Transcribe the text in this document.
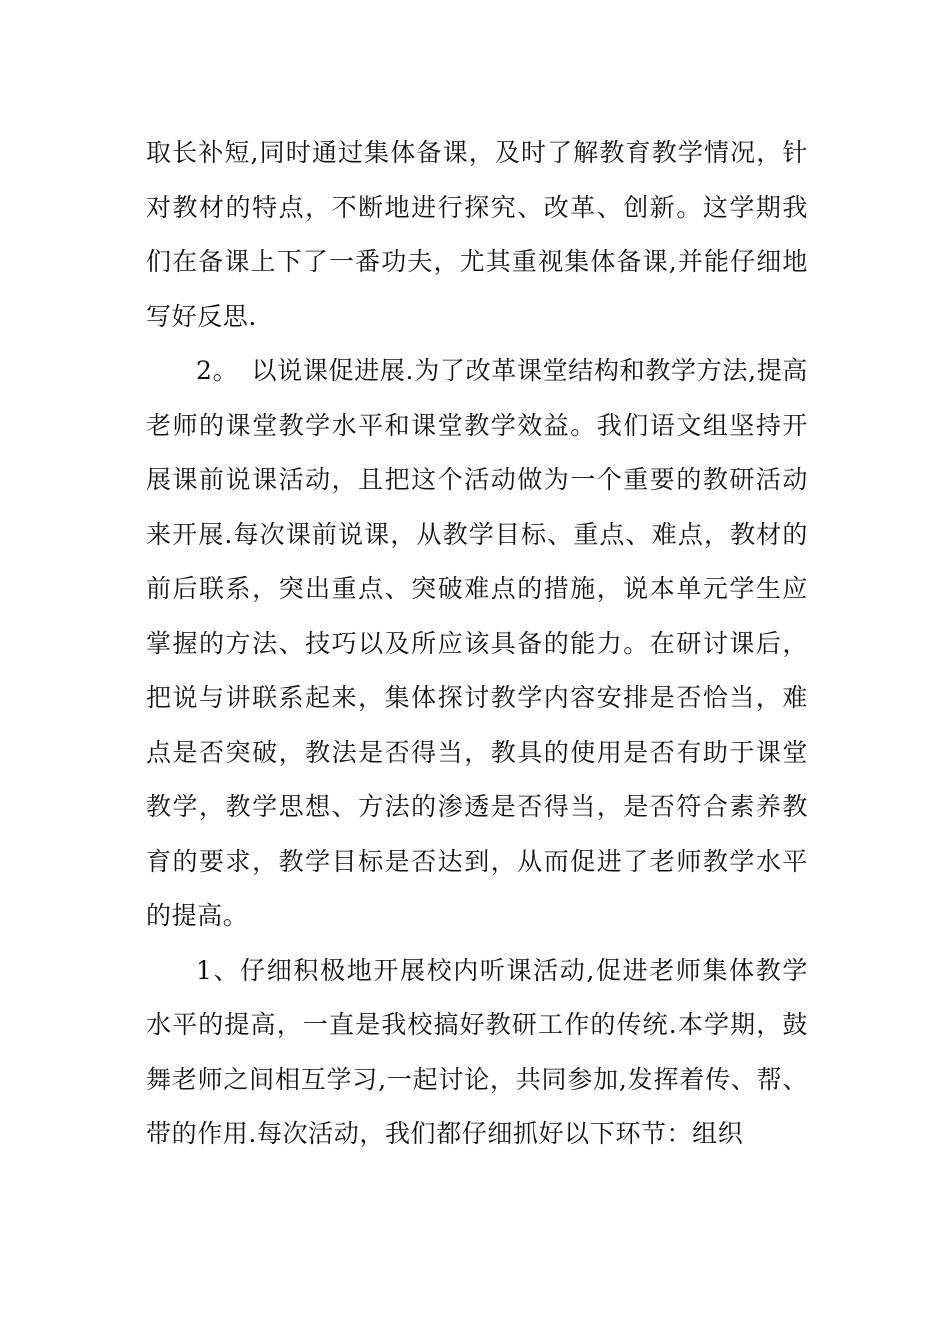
取长补短,同时通过集体备课，及时了解教育教学情况，针对教材的特点，不断地进行探究、改革、创新。这学期我们在备课上下了一番功夫，尤其重视集体备课,并能仔细地写好反思.

2。　以说课促进展.为了改革课堂结构和教学方法,提高老师的课堂教学水平和课堂教学效益。我们语文组坚持开展课前说课活动，且把这个活动做为一个重要的教研活动来开展.每次课前说课，从教学目标、重点、难点，教材的前后联系，突出重点、突破难点的措施，说本单元学生应掌握的方法、技巧以及所应该具备的能力。在研讨课后，把说与讲联系起来，集体探讨教学内容安排是否恰当，难点是否突破，教法是否得当，教具的使用是否有助于课堂教学，教学思想、方法的渗透是否得当，是否符合素养教育的要求，教学目标是否达到，从而促进了老师教学水平的提高。

1、仔细积极地开展校内听课活动,促进老师集体教学水平的提高，一直是我校搞好教研工作的传统.本学期，鼓舞老师之间相互学习,一起讨论，共同参加,发挥着传、帮、带的作用.每次活动，我们都仔细抓好以下环节：组织
